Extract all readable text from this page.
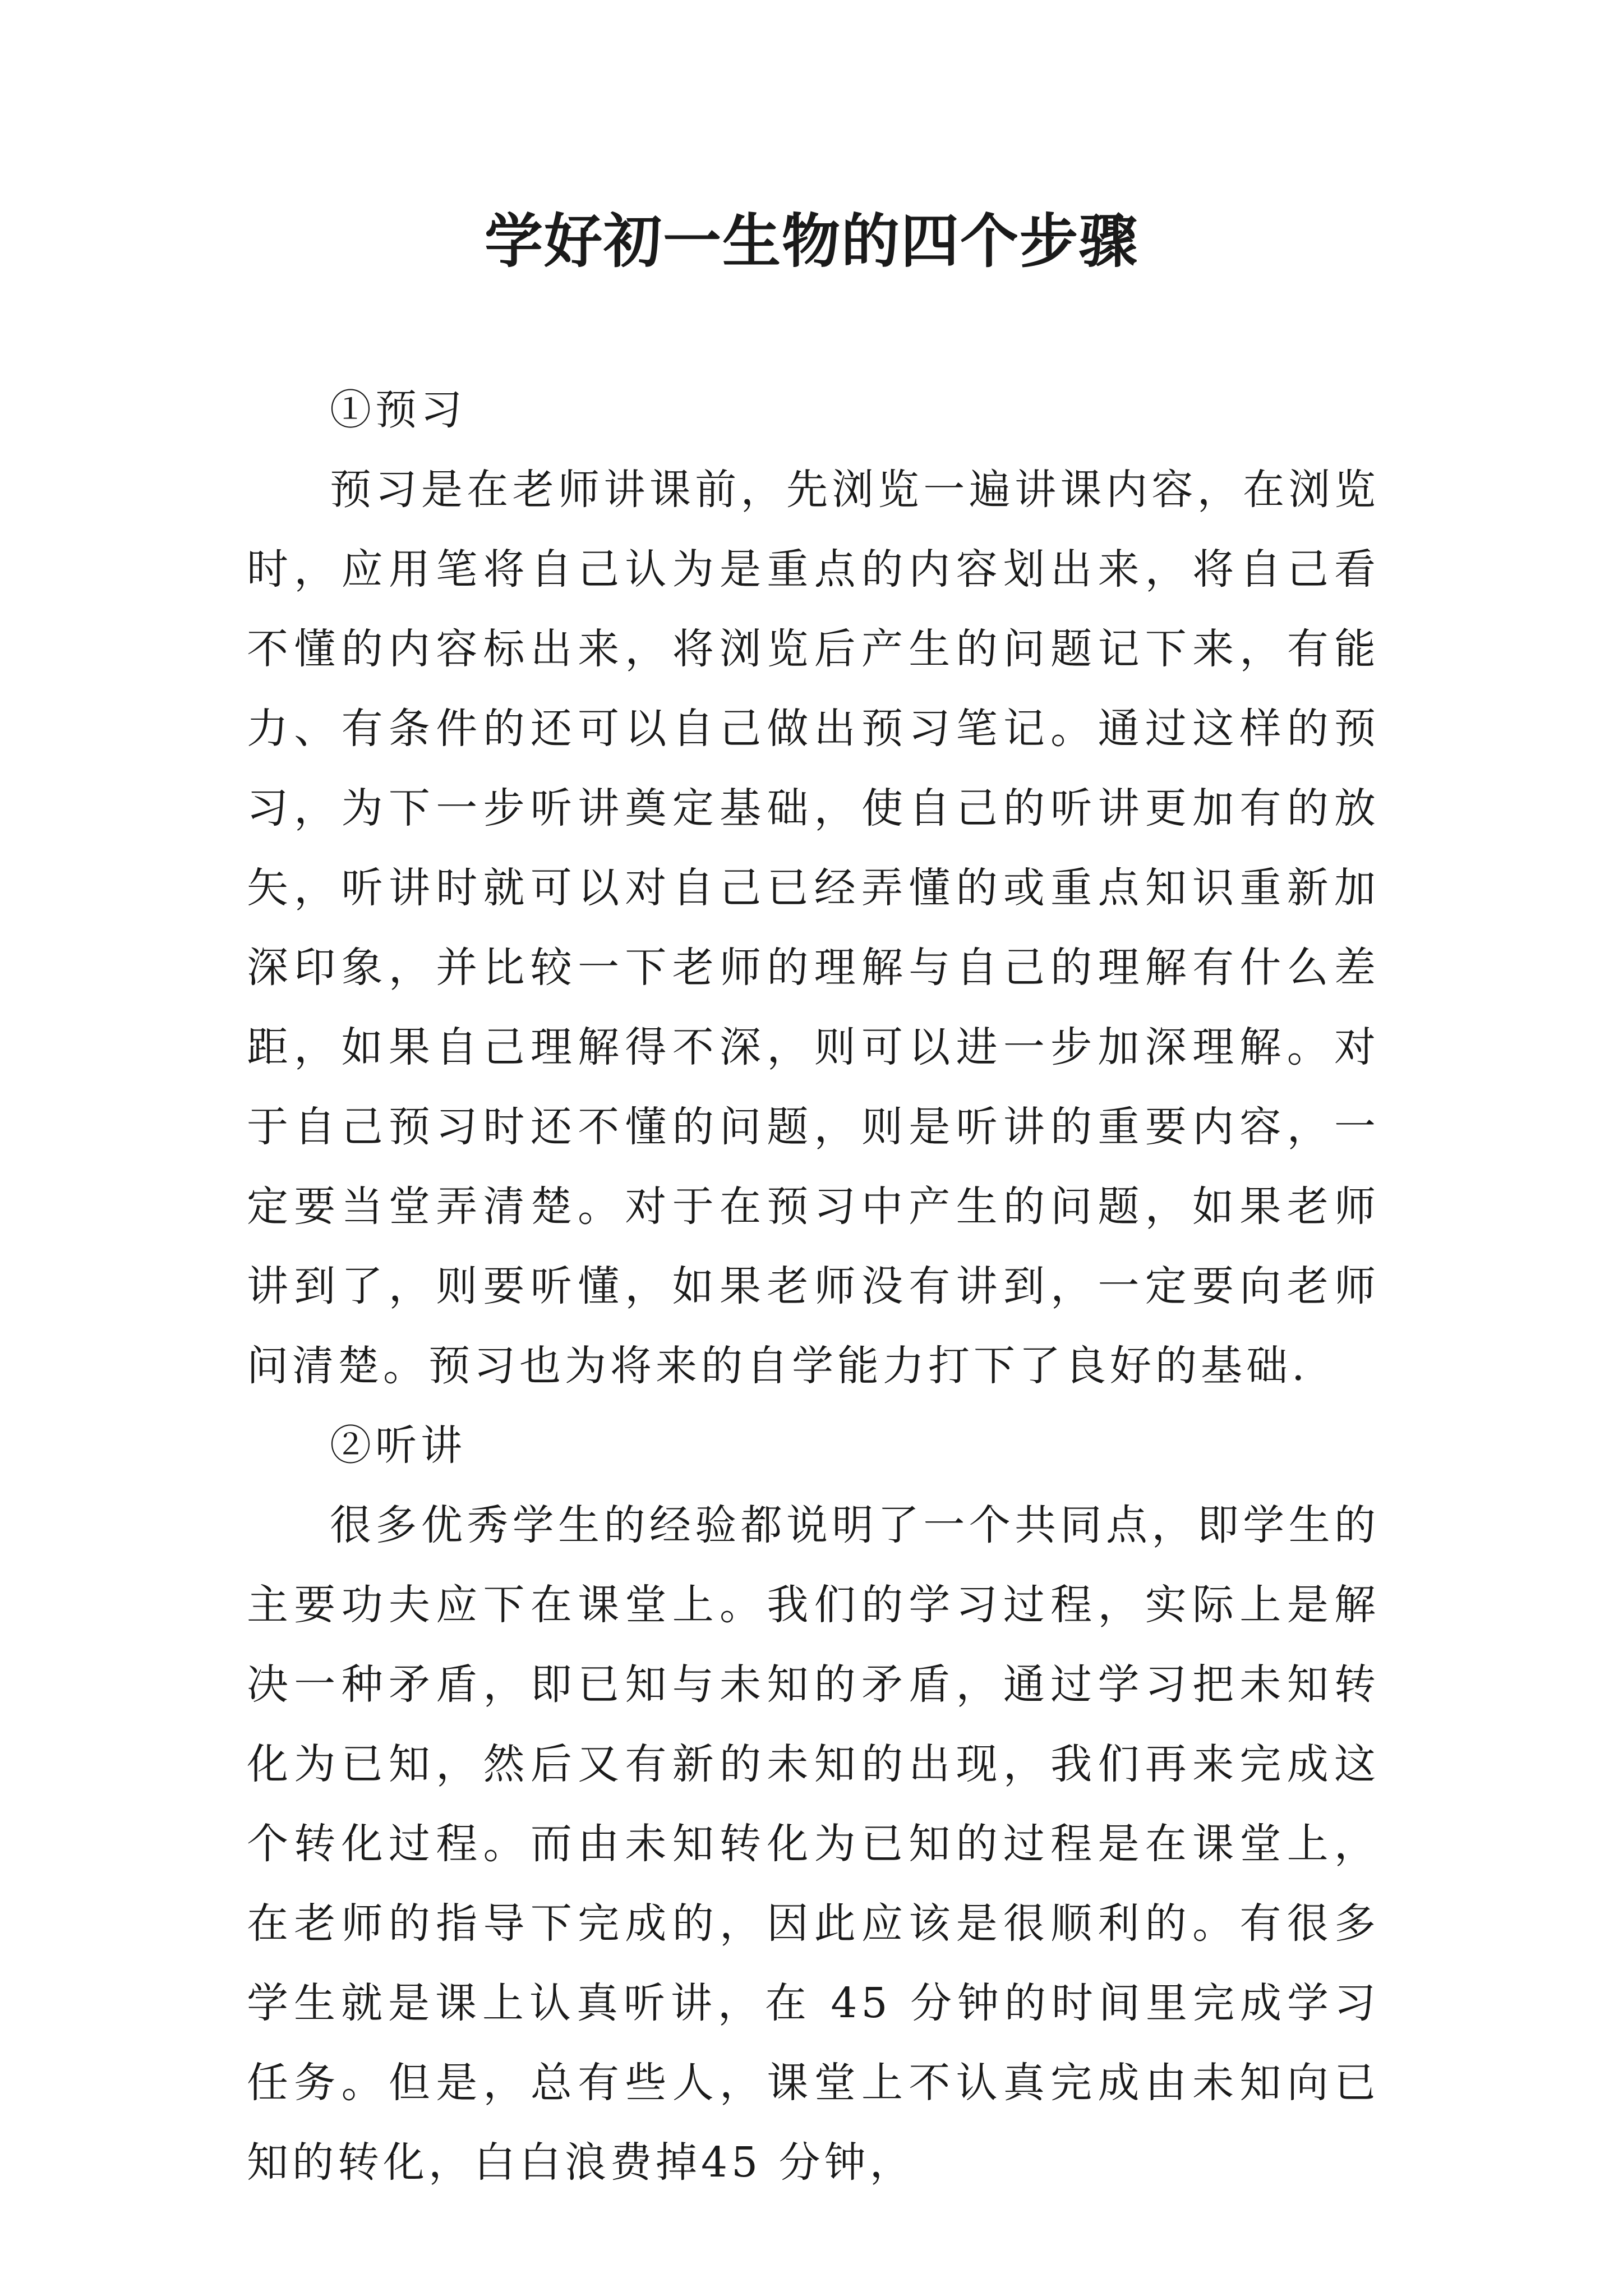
学好初一生物的四个步骤

①预习

预习是在老师讲课前，先浏览一遍讲课内容，在浏览时，应用笔将自己认为是重点的内容划出来，将自己看不懂的内容标出来，将浏览后产生的问题记下来，有能力、有条件的还可以自己做出预习笔记。通过这样的预习，为下一步听讲奠定基础，使自己的听讲更加有的放矢，听讲时就可以对自己已经弄懂的或重点知识重新加深印象，并比较一下老师的理解与自己的理解有什么差距，如果自己理解得不深，则可以进一步加深理解。对于自己预习时还不懂的问题，则是听讲的重要内容，一定要当堂弄清楚。对于在预习中产生的问题，如果老师讲到了，则要听懂，如果老师没有讲到，一定要向老师问清楚。预习也为将来的自学能力打下了良好的基础.

②听讲

很多优秀学生的经验都说明了一个共同点，即学生的主要功夫应下在课堂上。我们的学习过程，实际上是解决一种矛盾，即已知与未知的矛盾，通过学习把未知转化为已知，然后又有新的未知的出现，我们再来完成这个转化过程。而由未知转化为已知的过程是在课堂上，在老师的指导下完成的，因此应该是很顺利的。有很多学生就是课上认真听讲，在 45 分钟的时间里完成学习任务。但是，总有些人，课堂上不认真完成由未知向已知的转化，白白浪费掉45 分钟，
